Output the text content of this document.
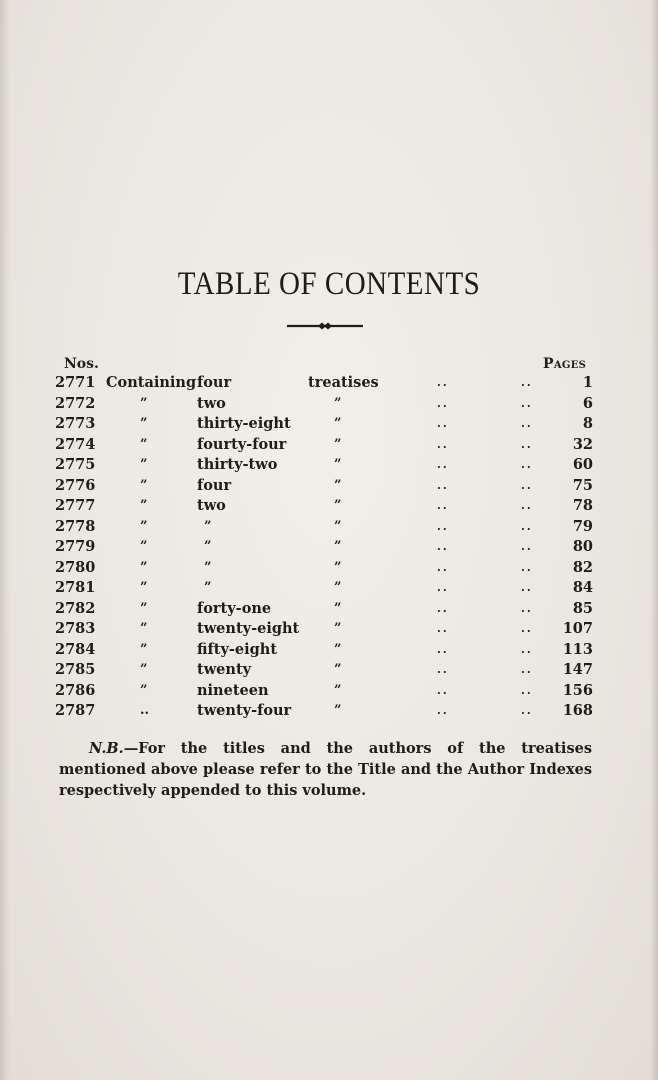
TABLE OF CONTENTS
Nos.	Pages
2771 Containing four	treatises	..	..	1
2772	”	two	”	..	..	6
2773	”	thirty-eight	”	..	..	8
2774	”	fourty-four	”	..	..	32
2775	”	thirty-two	”	..	..	60
2776	”	four	”	..	..	75
2777	”	two	”	..	..	78
2778	”	”	”	..	..	79
2779	”	”	”	..	..	80
2780	”	”	”	..	..	82
2781	”	”	”	..	..	84
2782	”	forty-one	”	..	..	85
2783	”	twenty-eight	”	..	.. 107
2784	”	fifty-eight	”	..	.. 113
2785	”	twenty	”	..	.. 147
2786	”	nineteen	”	..	.. 156
2787	..	twenty-four	”	..	.. 168
N.B.—For the titles and the authors of the treatises mentioned above please refer to the Title and the Author Indexes respectively appended to this volume.
